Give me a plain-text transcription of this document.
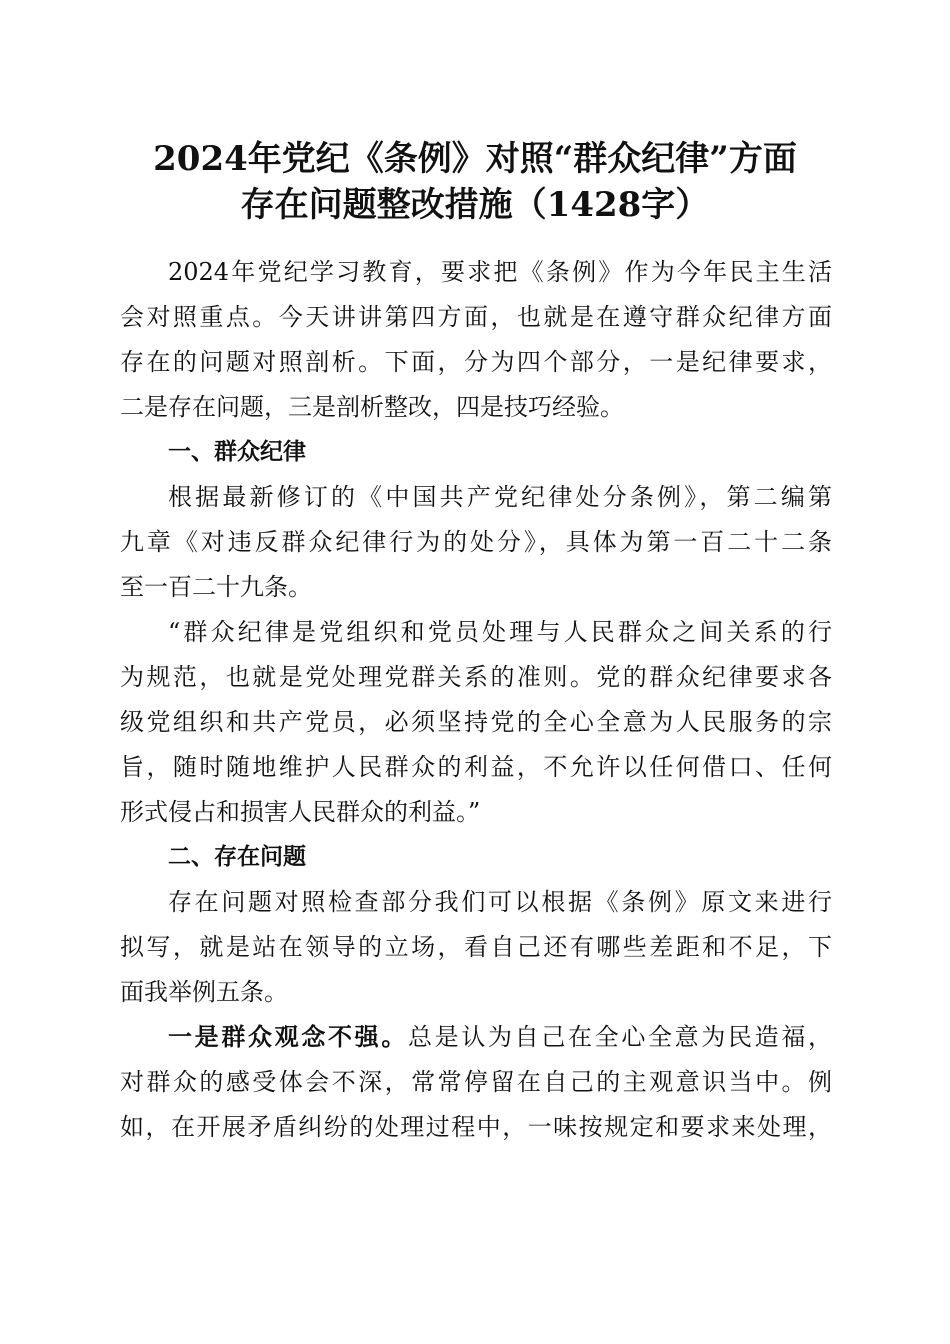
2024年党纪《条例》对照“群众纪律”方面
存在问题整改措施（1428字）
2024年党纪学习教育，要求把《条例》作为今年民主生活
会对照重点。今天讲讲第四方面，也就是在遵守群众纪律方面
存在的问题对照剖析。下面，分为四个部分，一是纪律要求，
二是存在问题，三是剖析整改，四是技巧经验。
一、群众纪律
根据最新修订的《中国共产党纪律处分条例》，第二编第
九章《对违反群众纪律行为的处分》，具体为第一百二十二条
至一百二十九条。
“群众纪律是党组织和党员处理与人民群众之间关系的行
为规范，也就是党处理党群关系的准则。党的群众纪律要求各
级党组织和共产党员，必须坚持党的全心全意为人民服务的宗
旨，随时随地维护人民群众的利益，不允许以任何借口、任何
形式侵占和损害人民群众的利益。”
二、存在问题
存在问题对照检查部分我们可以根据《条例》原文来进行
拟写，就是站在领导的立场，看自己还有哪些差距和不足，下
面我举例五条。
一是群众观念不强。总是认为自己在全心全意为民造福，
对群众的感受体会不深，常常停留在自己的主观意识当中。例
如，在开展矛盾纠纷的处理过程中，一味按规定和要求来处理，
